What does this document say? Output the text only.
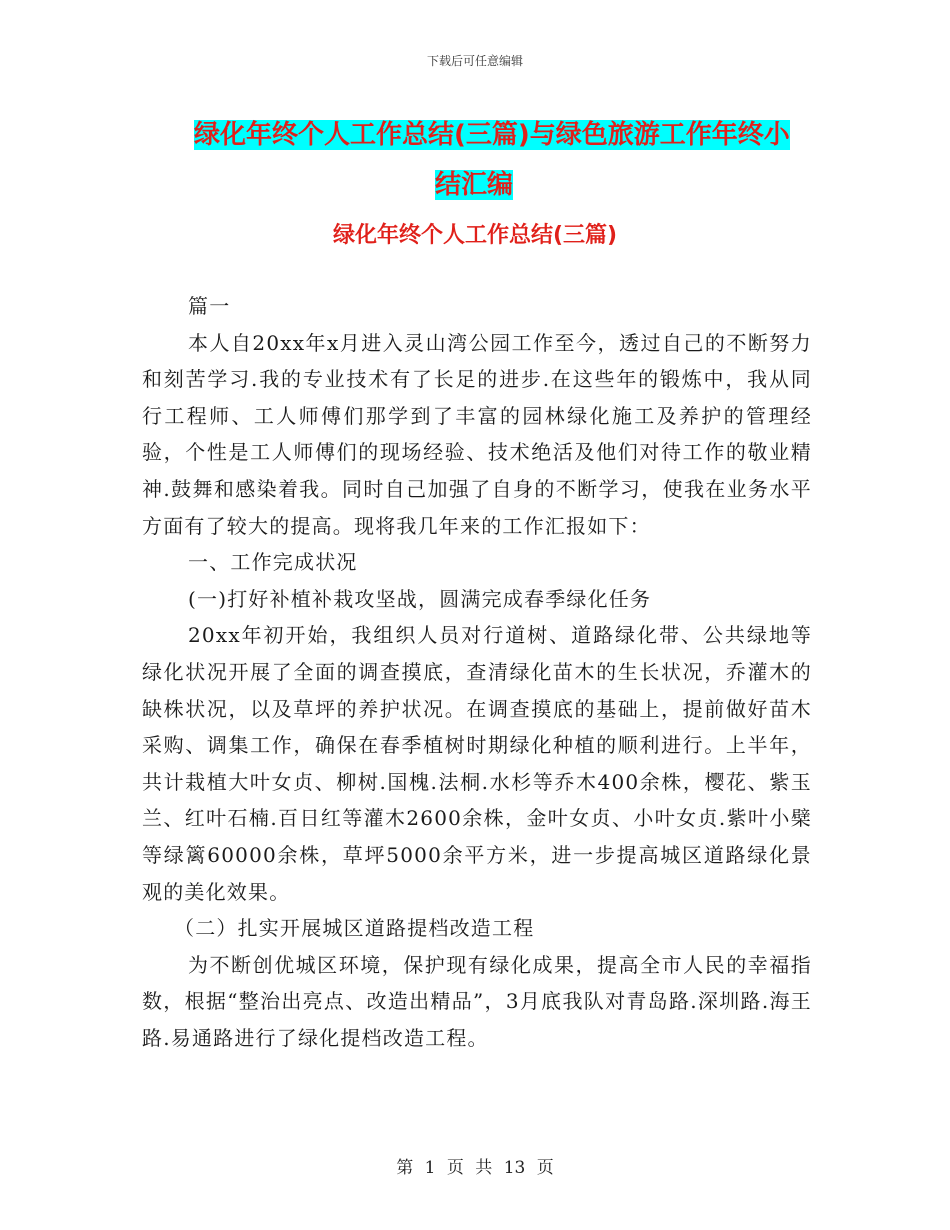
下载后可任意编辑
绿化年终个人工作总结(三篇)与绿色旅游工作年终小
结汇编
绿化年终个人工作总结(三篇)

篇一

本人自20xx年x月进入灵山湾公园工作至今，透过自己的不断努力和刻苦学习.我的专业技术有了长足的进步.在这些年的锻炼中，我从同行工程师、工人师傅们那学到了丰富的园林绿化施工及养护的管理经验，个性是工人师傅们的现场经验、技术绝活及他们对待工作的敬业精神.鼓舞和感染着我。同时自己加强了自身的不断学习，使我在业务水平方面有了较大的提高。现将我几年来的工作汇报如下：

一、工作完成状况

(一)打好补植补栽攻坚战，圆满完成春季绿化任务

20xx年初开始，我组织人员对行道树、道路绿化带、公共绿地等绿化状况开展了全面的调查摸底，查清绿化苗木的生长状况，乔灌木的缺株状况，以及草坪的养护状况。在调查摸底的基础上，提前做好苗木采购、调集工作，确保在春季植树时期绿化种植的顺利进行。上半年，共计栽植大叶女贞、柳树.国槐.法桐.水杉等乔木400余株，樱花、紫玉兰、红叶石楠.百日红等灌木2600余株，金叶女贞、小叶女贞.紫叶小檗等绿篱60000余株，草坪5000余平方米，进一步提高城区道路绿化景观的美化效果。

（二）扎实开展城区道路提档改造工程

为不断创优城区环境，保护现有绿化成果，提高全市人民的幸福指数，根据“整治出亮点、改造出精品”，3月底我队对青岛路.深圳路.海王路.易通路进行了绿化提档改造工程。

第 1 页 共 13 页
